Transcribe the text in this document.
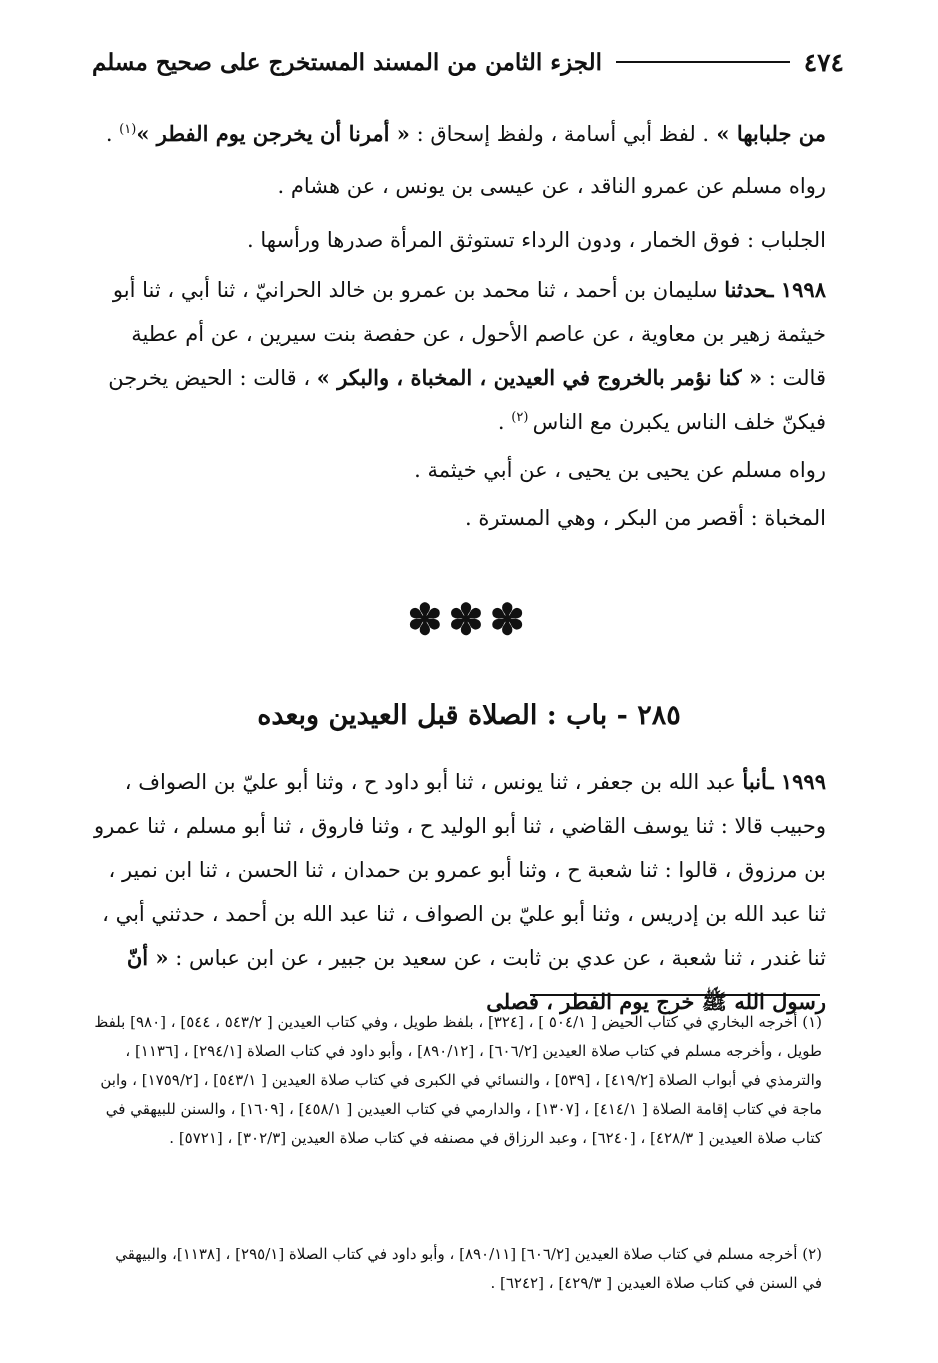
٤٧٤
الجزء الثامن من المسند المستخرج على صحيح مسلم
من جلبابها » . لفظ أبي أسامة ، ولفظ إسحاق : « أمرنا أن يخرجن يوم الفطر »$^{(١)}$ .
رواه مسلم عن عمرو الناقد ، عن عيسى بن يونس ، عن هشام .
الجلباب : فوق الخمار ، ودون الرداء تستوثق المرأة صدرها ورأسها .
١٩٩٨ ـحدثنا سليمان بن أحمد ، ثنا محمد بن عمرو بن خالد الحرانيّ ، ثنا أبي ، ثنا أبو خيثمة زهير بن معاوية ، عن عاصم الأحول ، عن حفصة بنت سيرين ، عن أم عطية قالت : « كنا نؤمر بالخروج في العيدين ، المخباة ، والبكر » ، قالت : الحيض يخرجن فيكنّ خلف الناس يكبرن مع الناس $^{(٢)}$ .
رواه مسلم عن يحيى بن يحيى ، عن أبي خيثمة .
المخباة : أقصر من البكر ، وهي المسترة .
✽✽✽
٢٨٥ - باب : الصلاة قبل العيدين وبعده
١٩٩٩ ـأنبأ عبد الله بن جعفر ، ثنا يونس ، ثنا أبو داود ح ، وثنا أبو عليّ بن الصواف ، وحبيب قالا : ثنا يوسف القاضي ، ثنا أبو الوليد ح ، وثنا فاروق ، ثنا أبو مسلم ، ثنا عمرو بن مرزوق ، قالوا : ثنا شعبة ح ، وثنا أبو عمرو بن حمدان ، ثنا الحسن ، ثنا ابن نمير ، ثنا عبد الله بن إدريس ، وثنا أبو عليّ بن الصواف ، ثنا عبد الله بن أحمد ، حدثني أبي ، ثنا غندر ، ثنا شعبة ، عن عدي بن ثابت ، عن سعيد بن جبير ، عن ابن عباس : « أنّ رسول الله ﷺ خرج يوم الفطر ، فصلى
(١) أخرجه البخاري في كتاب الحيض [ ٥٠٤/١ ] ، [٣٢٤] ، بلفظ طويل ، وفي كتاب العيدين [ ٥٤٣/٢ ، ٥٤٤] ، [٩٨٠] بلفظ طويل ، وأخرجه مسلم في كتاب صلاة العيدين [٦٠٦/٢] ، [٨٩٠/١٢] ، وأبو داود في كتاب الصلاة [٢٩٤/١] ، [١١٣٦] ، والترمذي في أبواب الصلاة [٤١٩/٢] ، [٥٣٩] ، والنسائي في الكبرى في كتاب صلاة العيدين [ ٥٤٣/١] ، [١٧٥٩/٢] ، وابن ماجة في كتاب إقامة الصلاة [ ٤١٤/١] ، [١٣٠٧] ، والدارمي في كتاب العيدين [ ٤٥٨/١] ، [١٦٠٩] ، والسنن للبيهقي في كتاب صلاة العيدين [ ٤٢٨/٣] ، [٦٢٤٠] ، وعبد الرزاق في مصنفه في كتاب صلاة العيدين [٣٠٢/٣] ، [٥٧٢١] .
(٢) أخرجه مسلم في كتاب صلاة العيدين [٦٠٦/٢] [٨٩٠/١١] ، وأبو داود في كتاب الصلاة [٢٩٥/١] ، [١١٣٨]، والبيهقي في السنن في كتاب صلاة العيدين [ ٤٢٩/٣] ، [٦٢٤٢] .
